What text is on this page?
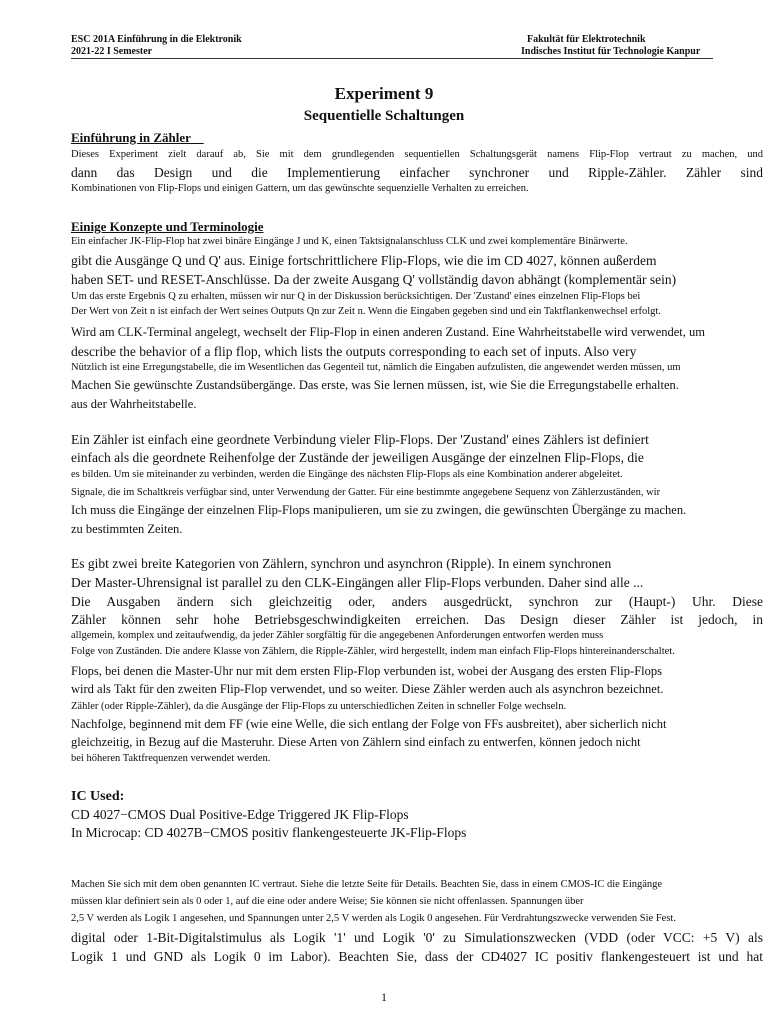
ESC 201A Einführung in die Elektronik
2021-22 I Semester
Fakultät für Elektrotechnik
Indisches Institut für Technologie Kanpur
Experiment 9
Sequentielle Schaltungen
Einführung in Zähler
Dieses Experiment zielt darauf ab, Sie mit dem grundlegenden sequentiellen Schaltungsgerät namens Flip-Flop vertraut zu machen, und
dann das Design und die Implementierung einfacher synchroner und Ripple-Zähler. Zähler sind
Kombinationen von Flip-Flops und einigen Gattern, um das gewünschte sequenzielle Verhalten zu erreichen.
Einige Konzepte und Terminologie
Ein einfacher JK-Flip-Flop hat zwei binäre Eingänge J und K, einen Taktsignalanschluss CLK und zwei komplementäre Binärwerte.
gibt die Ausgänge Q und Q' aus. Einige fortschrittlichere Flip-Flops, wie die im CD 4027, können außerdem
haben SET- und RESET-Anschlüsse. Da der zweite Ausgang Q' vollständig davon abhängt (komplementär sein)
Um das erste Ergebnis Q zu erhalten, müssen wir nur Q in der Diskussion berücksichtigen. Der 'Zustand' eines einzelnen Flip-Flops bei
Der Wert von Zeit n ist einfach der Wert seines Outputs Qn zur Zeit n. Wenn die Eingaben gegeben sind und ein Taktflankenwechsel erfolgt.
Wird am CLK-Terminal angelegt, wechselt der Flip-Flop in einen anderen Zustand. Eine Wahrheitstabelle wird verwendet, um
describe the behavior of a flip flop, which lists the outputs corresponding to each set of inputs. Also very
Nützlich ist eine Erregungstabelle, die im Wesentlichen das Gegenteil tut, nämlich die Eingaben aufzulisten, die angewendet werden müssen, um
Machen Sie gewünschte Zustandsübergänge. Das erste, was Sie lernen müssen, ist, wie Sie die Erregungstabelle erhalten.
aus der Wahrheitstabelle.
Ein Zähler ist einfach eine geordnete Verbindung vieler Flip-Flops. Der 'Zustand' eines Zählers ist definiert
einfach als die geordnete Reihenfolge der Zustände der jeweiligen Ausgänge der einzelnen Flip-Flops, die
es bilden. Um sie miteinander zu verbinden, werden die Eingänge des nächsten Flip-Flops als eine Kombination anderer abgeleitet.
Signale, die im Schaltkreis verfügbar sind, unter Verwendung der Gatter. Für eine bestimmte angegebene Sequenz von Zählerzuständen, wir
Ich muss die Eingänge der einzelnen Flip-Flops manipulieren, um sie zu zwingen, die gewünschten Übergänge zu machen.
zu bestimmten Zeiten.
Es gibt zwei breite Kategorien von Zählern, synchron und asynchron (Ripple). In einem synchronen
Der Master-Uhrensignal ist parallel zu den CLK-Eingängen aller Flip-Flops verbunden. Daher sind alle ...
Die Ausgaben ändern sich gleichzeitig oder, anders ausgedrückt, synchron zur (Haupt-) Uhr. Diese
Zähler können sehr hohe Betriebsgeschwindigkeiten erreichen. Das Design dieser Zähler ist jedoch, in
allgemein, komplex und zeitaufwendig, da jeder Zähler sorgfältig für die angegebenen Anforderungen entworfen werden muss
Folge von Zuständen. Die andere Klasse von Zählern, die Ripple-Zähler, wird hergestellt, indem man einfach Flip-Flops hintereinanderschaltet.
Flops, bei denen die Master-Uhr nur mit dem ersten Flip-Flop verbunden ist, wobei der Ausgang des ersten Flip-Flops
wird als Takt für den zweiten Flip-Flop verwendet, und so weiter. Diese Zähler werden auch als asynchron bezeichnet.
Zähler (oder Ripple-Zähler), da die Ausgänge der Flip-Flops zu unterschiedlichen Zeiten in schneller Folge wechseln.
Nachfolge, beginnend mit dem FF (wie eine Welle, die sich entlang der Folge von FFs ausbreitet), aber sicherlich nicht
gleichzeitig, in Bezug auf die Masteruhr. Diese Arten von Zählern sind einfach zu entwerfen, können jedoch nicht
bei höheren Taktfrequenzen verwendet werden.
IC Used:
CD 4027−CMOS Dual Positive-Edge Triggered JK Flip-Flops
In Microcap: CD 4027B−CMOS positiv flankengesteuerte JK-Flip-Flops
Machen Sie sich mit dem oben genannten IC vertraut. Siehe die letzte Seite für Details. Beachten Sie, dass in einem CMOS-IC die Eingänge
müssen klar definiert sein als 0 oder 1, auf die eine oder andere Weise; Sie können sie nicht offenlassen. Spannungen über
2,5 V werden als Logik 1 angesehen, und Spannungen unter 2,5 V werden als Logik 0 angesehen. Für Verdrahtungszwecke verwenden Sie Fest.
digital oder 1-Bit-Digitalstimulus als Logik '1' und Logik '0' zu Simulationszwecken (VDD (oder VCC: +5 V) als
Logik 1 und GND als Logik 0 im Labor). Beachten Sie, dass der CD4027 IC positiv flankengesteuert ist und hat
1
